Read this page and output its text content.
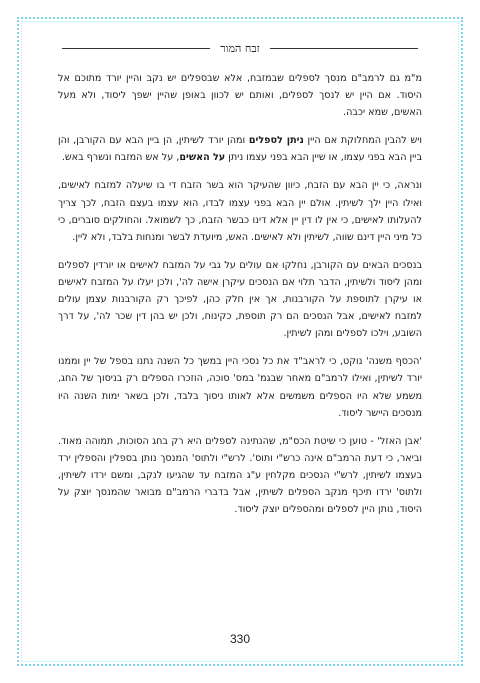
זבח המור

מ"מ גם לרמב"ם מנסך לספלים שבמזבח, אלא שבספלים יש נקב והיין יורד מתוכם אל היסוד. אם היין יש לנסך לספלים, ואותם יש לכוון באופן שהיין ישפך ליסוד, ולא מעל האשים, שמא יכבה.

ויש להבין המחלוקת אם היין ניתן לספלים ומהן יורד לשיתין, הן ביין הבא עם הקורבן, והן ביין הבא בפני עצמו, או שיין הבא בפני עצמו ניתן על האשים, על אש המזבח ונשרף באש.

ונראה, כי יין הבא עם הזבח, כיוון שהעיקר הוא בשר הזבח די בו שיעלה למזבח לאישים, ואילו היין ילך לשיתין. אולם יין הבא בפני עצמו לבדו, הוא עצמו בעצם הזבח, לכך צריך להעלותו לאישים, כי אין לו דין יין אלא דינו כבשר הזבח, כך לשמואל. והחולקים סוברים, כי כל מיני היין דינם שווה, לשיתין ולא לאישים. האש, מיועדת לבשר ומנחות בלבד, ולא ליין.

בנסכים הבאים עם הקורבן, נחלקו אם עולים על גבי על המזבח לאישים או יורדין לספלים ומהן ליסוד ולשיתין, הדבר תלוי אם הנסכים עיקרן אישה לה', ולכן יעלו על המזבח לאישים או עיקרן לתוספת על הקורבנות, אך אין חלק כהן, לפיכך רק הקורבנות עצמן עולים למזבח לאישים, אבל הנסכים הם רק תוספת, כקינוח, ולכן יש בהן דין שכר לה', על דרך השובע, וילכו לספלים ומהן לשיתין.

'הכסף משנה' נוקט, כי לראב"ד את כל נסכי היין במשך כל השנה נתנו בספל של יין וממנו יורד לשיתין, ואילו לרמב"ם מאחר שבגמ' במס' סוכה, הוזכרו הספלים רק בניסוך של החג, משמע שלא היו הספלים משמשים אלא לאותו ניסוך בלבד, ולכן בשאר ימות השנה היו מנסכים היישר ליסוד.

'אבן האזל' - טוען כי שיטת הכס"מ, שהנתינה לספלים היא רק בחג הסוכות, תמוהה מאוד. וביאר, כי דעת הרמב"ם אינה כרש"י ותוס'. לרש"י ולתוס' המנסך נותן בספלין והספלין ירד בעצמו לשיתין, לרש"י הנסכים מקלחין ע"ג המזבח עד שהגיעו לנקב, ומשם ירדו לשיתין, ולתוס' ירדו תיכף מנקב הספלים לשיתין, אבל בדברי הרמב"ם מבואר שהמנסך יוצק על היסוד, נותן היין לספלים ומהספלים יוצק ליסוד.

330
